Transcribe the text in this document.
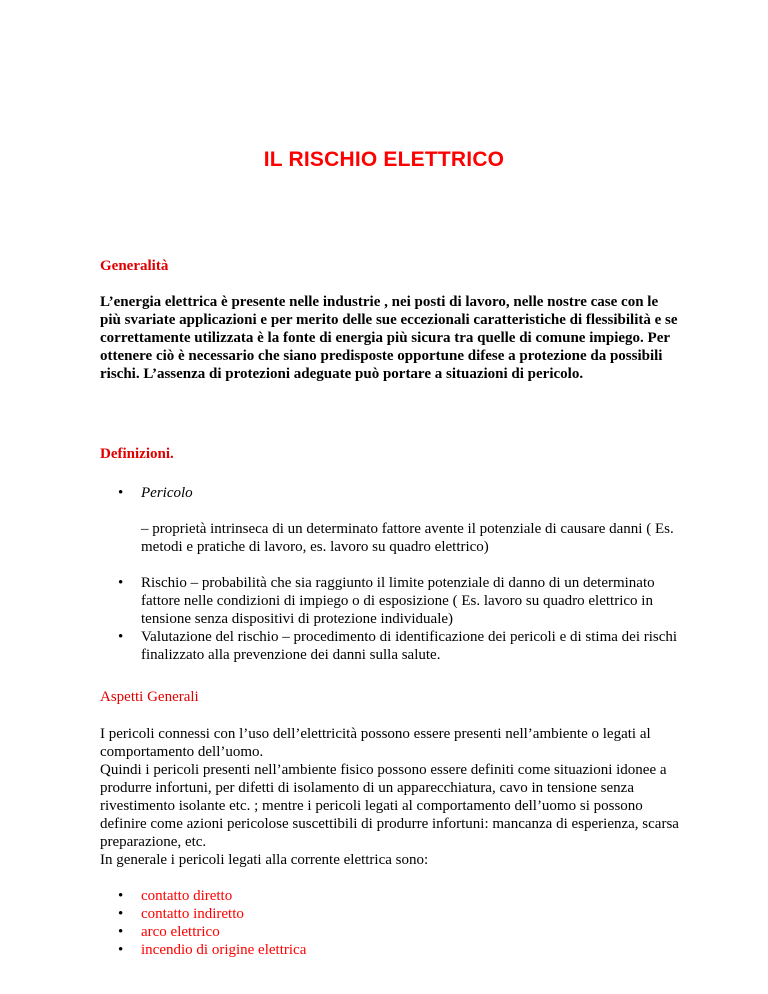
IL RISCHIO ELETTRICO
Generalità
L’energia elettrica è presente nelle industrie , nei posti di lavoro, nelle nostre case con le più svariate applicazioni e per merito delle sue eccezionali caratteristiche di flessibilità e se correttamente utilizzata è la fonte di energia più sicura tra quelle di comune impiego. Per ottenere ciò è necessario che siano predisposte opportune difese a protezione da possibili rischi. L’assenza di protezioni adeguate può portare a situazioni di pericolo.
Definizioni.
• Pericolo
– proprietà intrinseca di un determinato fattore avente il potenziale di causare danni ( Es. metodi e pratiche di lavoro, es. lavoro su quadro elettrico)
• Rischio – probabilità che sia raggiunto il limite potenziale di danno di un determinato fattore nelle condizioni di impiego o di esposizione ( Es. lavoro su quadro elettrico in tensione senza dispositivi di protezione individuale)
• Valutazione del rischio – procedimento di identificazione dei pericoli e di stima dei rischi finalizzato alla prevenzione dei danni sulla salute.
Aspetti Generali
I pericoli connessi con l’uso dell’elettricità possono essere presenti nell’ambiente o legati al comportamento dell’uomo.
Quindi i pericoli presenti nell’ambiente fisico possono essere definiti come situazioni idonee a produrre infortuni, per difetti di isolamento di un apparecchiatura, cavo in tensione senza rivestimento isolante etc. ; mentre i pericoli legati al comportamento dell’uomo si possono definire come azioni pericolose suscettibili di produrre infortuni: mancanza di esperienza, scarsa preparazione, etc.
In generale i pericoli legati alla corrente elettrica sono:
• contatto diretto
• contatto indiretto
• arco elettrico
• incendio di origine elettrica
